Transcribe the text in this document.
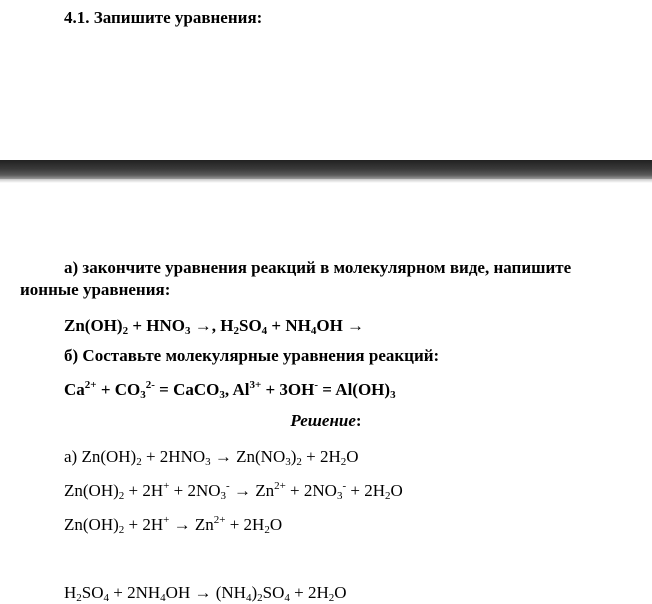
4.1. Запишите уравнения:
а) закончите уравнения реакций в молекулярном виде, напишите
ионные уравнения:
$Zn(OH)_2 + HNO_3$ →, $H_2SO_4 + NH_4OH$ →
б) Составьте молекулярные уравнения реакций:
$Ca^{2+} + CO_3^{2-}$ = CaCO$_3$, $Al^{3+} + 3OH^- = Al(OH)_3$
Решение:
а) $Zn(OH)_2 + 2HNO_3 \to Zn(NO_3)_2 + 2H_2O$
$Zn(OH)_2 + 2H^+ + 2NO_3^- \to Zn^{2+} + 2NO_3^- + 2H_2O$
$Zn(OH)_2 + 2H^+ \to Zn^{2+} + 2H_2O$
$H_2SO_4 + 2NH_4OH \to (NH_4)_2SO_4 + 2H_2O$
